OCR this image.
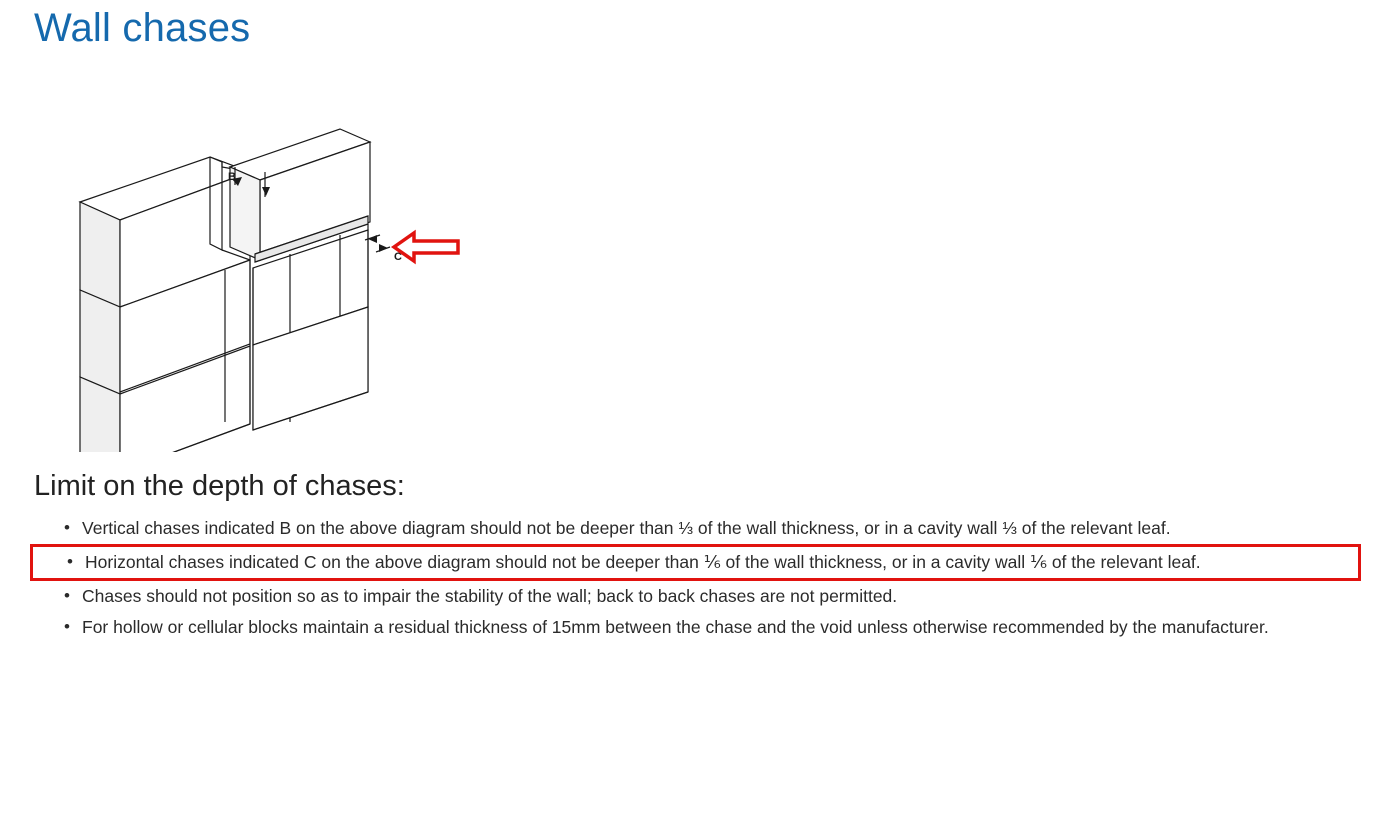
Wall chases
B
C
Limit on the depth of chases:
• Vertical chases indicated B on the above diagram should not be deeper than ⅓ of the wall thickness, or in a cavity wall ⅓ of the relevant leaf.
• Horizontal chases indicated C on the above diagram should not be deeper than ⅙ of the wall thickness, or in a cavity wall ⅙ of the relevant leaf.
• Chases should not position so as to impair the stability of the wall; back to back chases are not permitted.
• For hollow or cellular blocks maintain a residual thickness of 15mm between the chase and the void unless otherwise recommended by the manufacturer.
